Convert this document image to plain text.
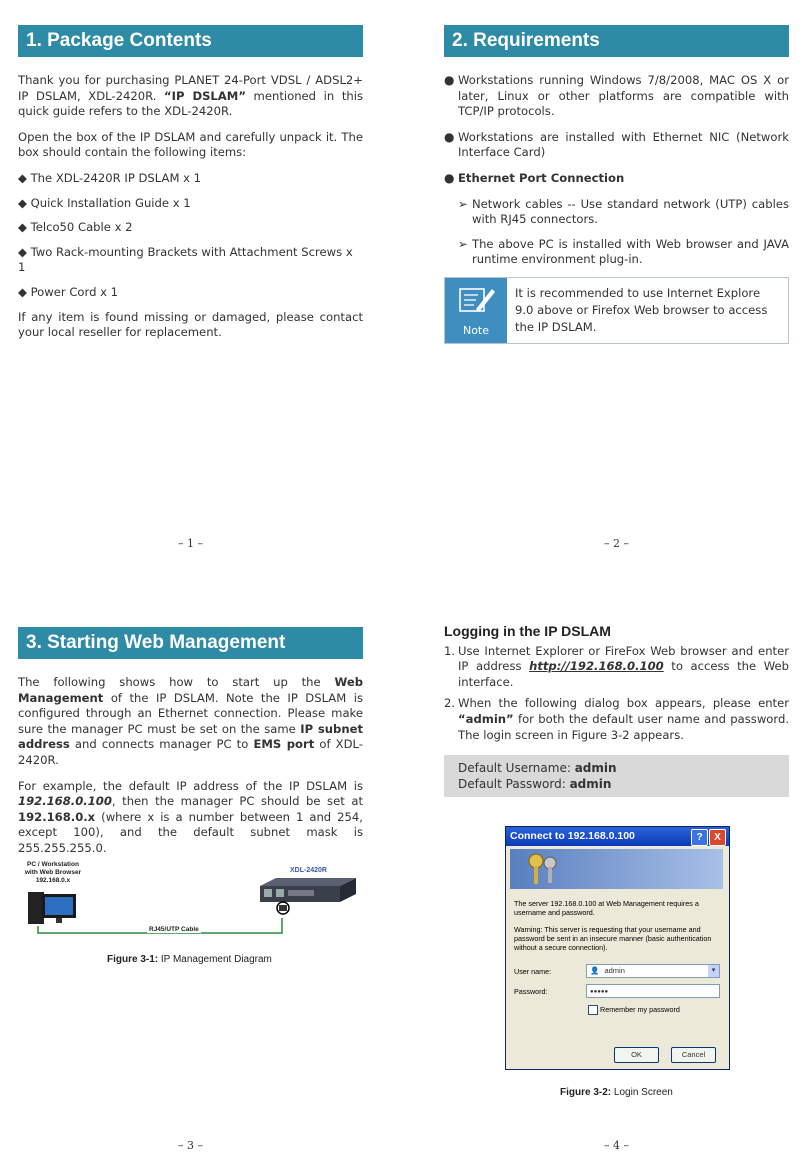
1. Package Contents

Thank you for purchasing PLANET 24-Port VDSL / ADSL2+ IP DSLAM, XDL-2420R. “IP DSLAM” mentioned in this quick guide refers to the XDL-2420R.

Open the box of the IP DSLAM and carefully unpack it. The box should contain the following items:

◆ The XDL-2420R IP DSLAM x 1
◆ Quick Installation Guide x 1
◆ Telco50 Cable x 2
◆ Two Rack-mounting Brackets with Attachment Screws x 1
◆ Power Cord x 1

If any item is found missing or damaged, please contact your local reseller for replacement.

– 1 –
2. Requirements
● Workstations running Windows 7/8/2008, MAC OS X or later, Linux or other platforms are compatible with TCP/IP protocols.
● Workstations are installed with Ethernet NIC (Network Interface Card)
● Ethernet Port Connection
➢ Network cables -- Use standard network (UTP) cables with RJ45 connectors.
➢ The above PC is installed with Web browser and JAVA runtime environment plug-in.
Note
It is recommended to use Internet Explore 9.0 above or Firefox Web browser to access the IP DSLAM.
– 2 –
3. Starting Web Management

The following shows how to start up the Web Management of the IP DSLAM. Note the IP DSLAM is configured through an Ethernet connection. Please make sure the manager PC must be set on the same IP subnet address and connects manager PC to EMS port of XDL-2420R.

For example, the default IP address of the IP DSLAM is 192.168.0.100, then the manager PC should be set at 192.168.0.x (where x is a number between 1 and 254, except 100), and the default subnet mask is 255.255.255.0.

PC / Workstation
with Web Browser
192.168.0.x
XDL-2420R
RJ45/UTP Cable
Figure 3-1: IP Management Diagram
– 3 –
Logging in the IP DSLAM
1. Use Internet Explorer or FireFox Web browser and enter IP address http://192.168.0.100 to access the Web interface.
2. When the following dialog box appears, please enter “admin” for both the default user name and password. The login screen in Figure 3-2 appears.
Default Username: admin
Default Password: admin
Connect to 192.168.0.100	?	X
The server 192.168.0.100 at Web Management requires a username and password.
Warning: This server is requesting that your username and password be sent in an insecure manner (basic authentication without a secure connection).
User name:	👤 admin	▾
Password:	●●●●●
Remember my password
OK	Cancel
Figure 3-2: Login Screen
– 4 –
